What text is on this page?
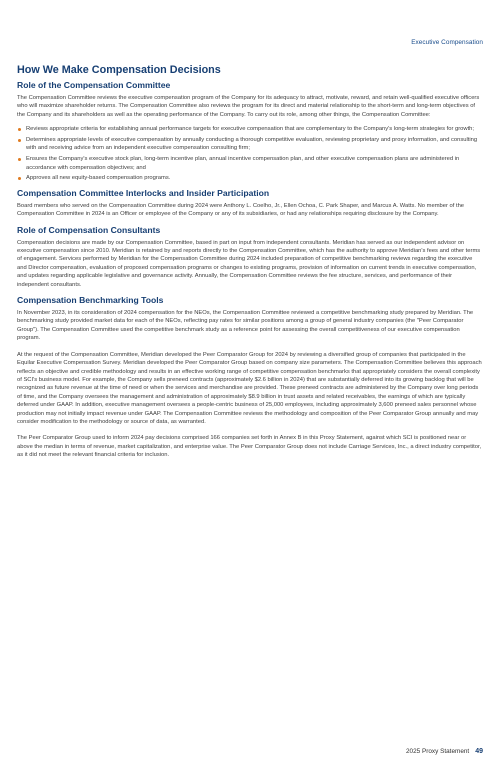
Executive Compensation
How We Make Compensation Decisions
Role of the Compensation Committee

The Compensation Committee reviews the executive compensation program of the Company for its adequacy to attract, motivate, reward, and retain well-qualified executive officers who will maximize shareholder returns. The Compensation Committee also reviews the program for its direct and material relationship to the short-term and long-term objectives of the Company and its shareholders as well as the operating performance of the Company. To carry out its role, among other things, the Compensation Committee:

Reviews appropriate criteria for establishing annual performance targets for executive compensation that are complementary to the Company's long-term strategies for growth;
Determines appropriate levels of executive compensation by annually conducting a thorough competitive evaluation, reviewing proprietary and proxy information, and consulting with and receiving advice from an independent executive compensation consulting firm;
Ensures the Company's executive stock plan, long-term incentive plan, annual incentive compensation plan, and other executive compensation plans are administered in accordance with compensation objectives; and
Approves all new equity-based compensation programs.
Compensation Committee Interlocks and Insider Participation

Board members who served on the Compensation Committee during 2024 were Anthony L. Coelho, Jr., Ellen Ochoa, C. Park Shaper, and Marcus A. Watts. No member of the Compensation Committee in 2024 is an Officer or employee of the Company or any of its subsidiaries, or had any relationships requiring disclosure by the Company.

Role of Compensation Consultants

Compensation decisions are made by our Compensation Committee, based in part on input from independent consultants. Meridian has served as our independent advisor on executive compensation since 2010. Meridian is retained by and reports directly to the Compensation Committee, which has the authority to approve Meridian's fees and other terms of engagement. Services performed by Meridian for the Compensation Committee during 2024 included preparation of competitive benchmarking reviews regarding the executive and Director compensation, evaluation of proposed compensation programs or changes to existing programs, provision of information on current trends in executive compensation, and updates regarding applicable legislative and governance activity. Annually, the Compensation Committee reviews the fee structure, services, and performance of their independent consultants.

Compensation Benchmarking Tools

In November 2023, in its consideration of 2024 compensation for the NEOs, the Compensation Committee reviewed a competitive benchmarking study prepared by Meridian. The benchmarking study provided market data for each of the NEOs, reflecting pay rates for similar positions among a group of general industry companies (the "Peer Comparator Group"). The Compensation Committee used the competitive benchmark study as a reference point for assessing the overall competitiveness of our executive compensation program.

At the request of the Compensation Committee, Meridian developed the Peer Comparator Group for 2024 by reviewing a diversified group of companies that participated in the Equilar Executive Compensation Survey. Meridian developed the Peer Comparator Group based on company size parameters. The Compensation Committee believes this approach reflects an objective and credible methodology and results in an effective working range of competitive compensation benchmarks that appropriately considers the overall complexity of SCI's business model. For example, the Company sells preneed contracts (approximately $2.6 billion in 2024) that are substantially deferred into its growing backlog that will be recognized as future revenue at the time of need or when the services and merchandise are provided. These preneed contracts are administered by the Company over long periods of time, and the Company oversees the management and administration of approximately $8.9 billion in trust assets and related receivables, the earnings of which are typically deferred under GAAP. In addition, executive management oversees a people-centric business of 25,000 employees, including approximately 3,600 preneed sales personnel whose production may not initially impact revenue under GAAP. The Compensation Committee reviews the methodology and composition of the Peer Comparator Group annually and may consider modification to the methodology or source of data, as warranted.

The Peer Comparator Group used to inform 2024 pay decisions comprised 166 companies set forth in Annex B in this Proxy Statement, against which SCI is positioned near or above the median in terms of revenue, market capitalization, and enterprise value. The Peer Comparator Group does not include Carriage Services, Inc., a direct industry competitor, as it did not meet the relevant financial criteria for inclusion.

2025 Proxy Statement 49
